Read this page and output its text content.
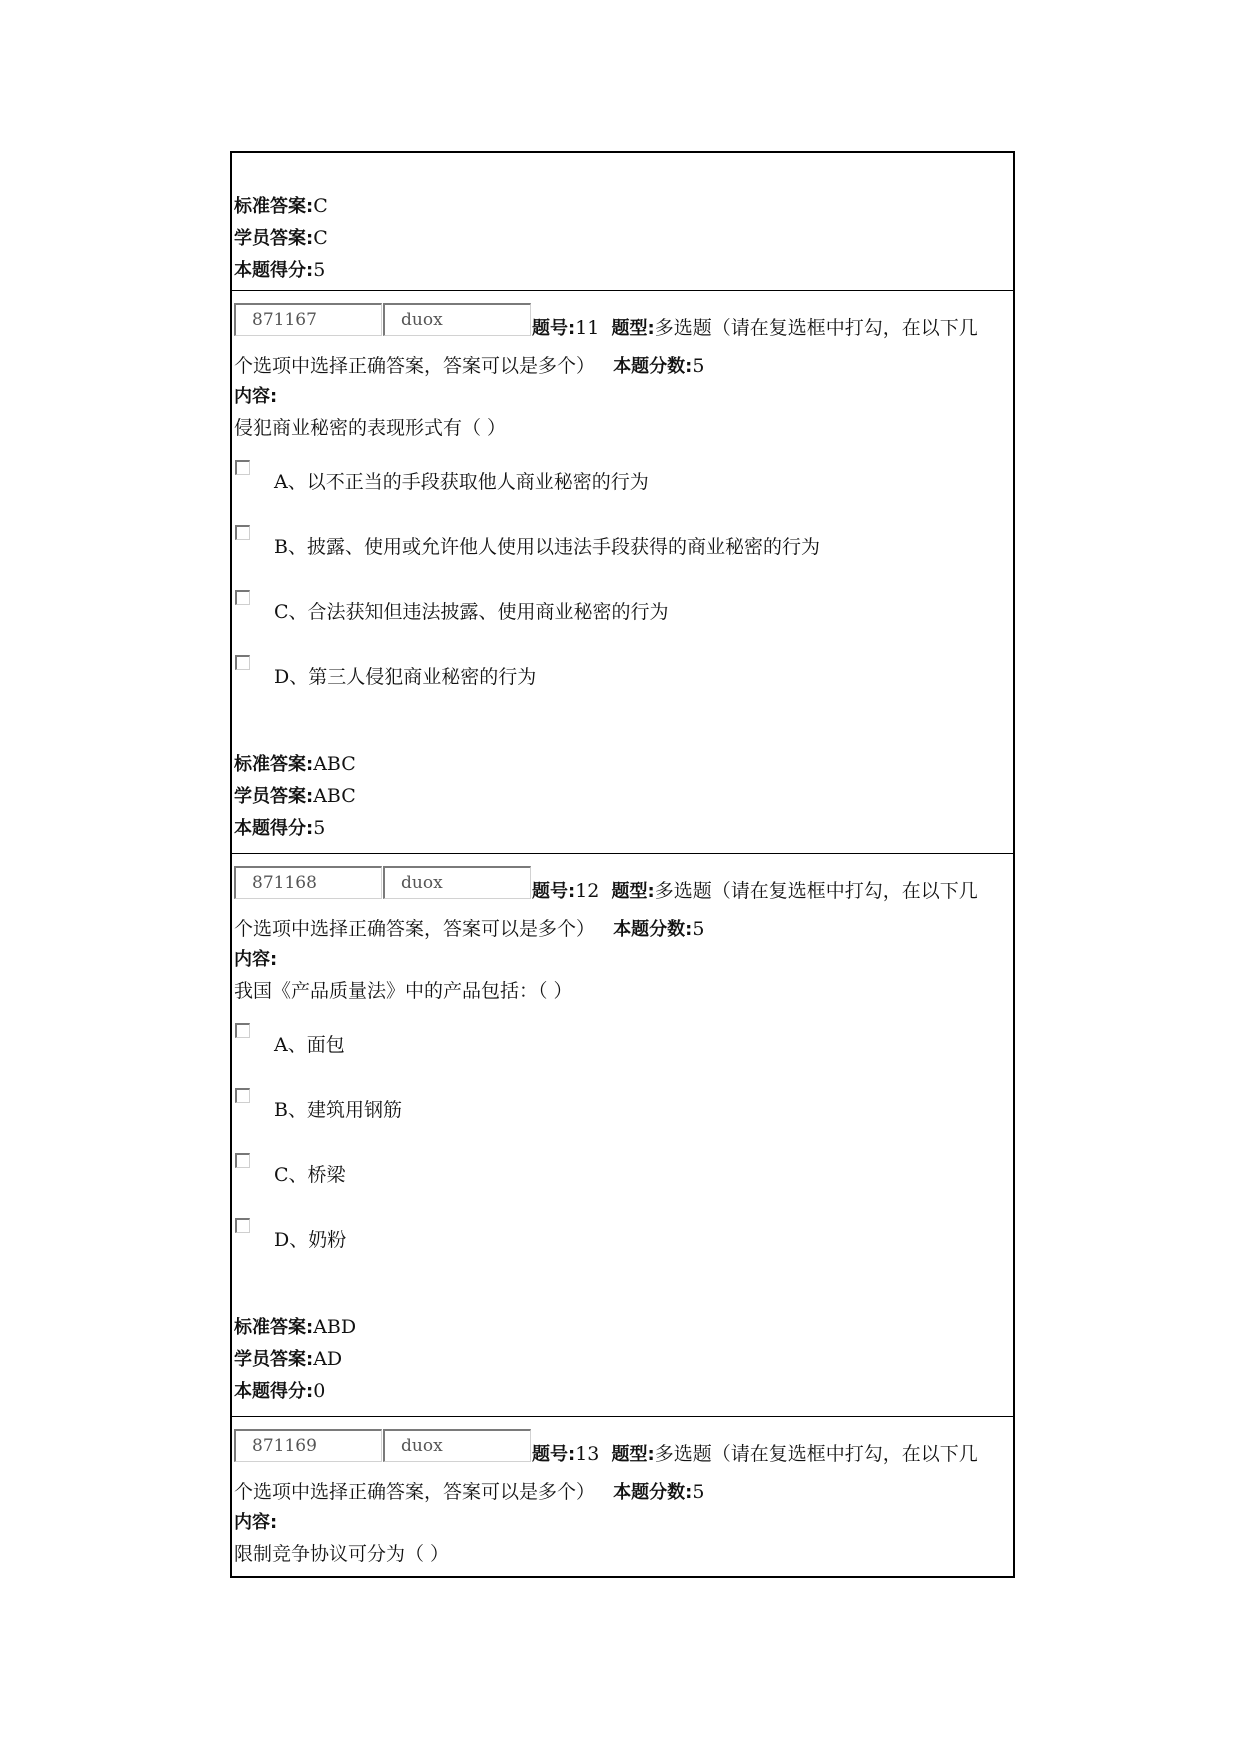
标准答案:C
学员答案:C
本题得分:5
871167	duox	题号:11 题型:多选题（请在复选框中打勾，在以下几
个选项中选择正确答案，答案可以是多个） 本题分数:5
内容:
侵犯商业秘密的表现形式有（ ）
A、以不正当的手段获取他人商业秘密的行为
B、披露、使用或允许他人使用以违法手段获得的商业秘密的行为
C、合法获知但违法披露、使用商业秘密的行为
D、第三人侵犯商业秘密的行为
标准答案:ABC
学员答案:ABC
本题得分:5
871168	duox	题号:12 题型:多选题（请在复选框中打勾，在以下几
个选项中选择正确答案，答案可以是多个） 本题分数:5
内容:
我国《产品质量法》中的产品包括：（ ）
A、面包
B、建筑用钢筋
C、桥梁
D、奶粉
标准答案:ABD
学员答案:AD
本题得分:0
871169	duox	题号:13 题型:多选题（请在复选框中打勾，在以下几
个选项中选择正确答案，答案可以是多个） 本题分数:5
内容:
限制竞争协议可分为（ ）
